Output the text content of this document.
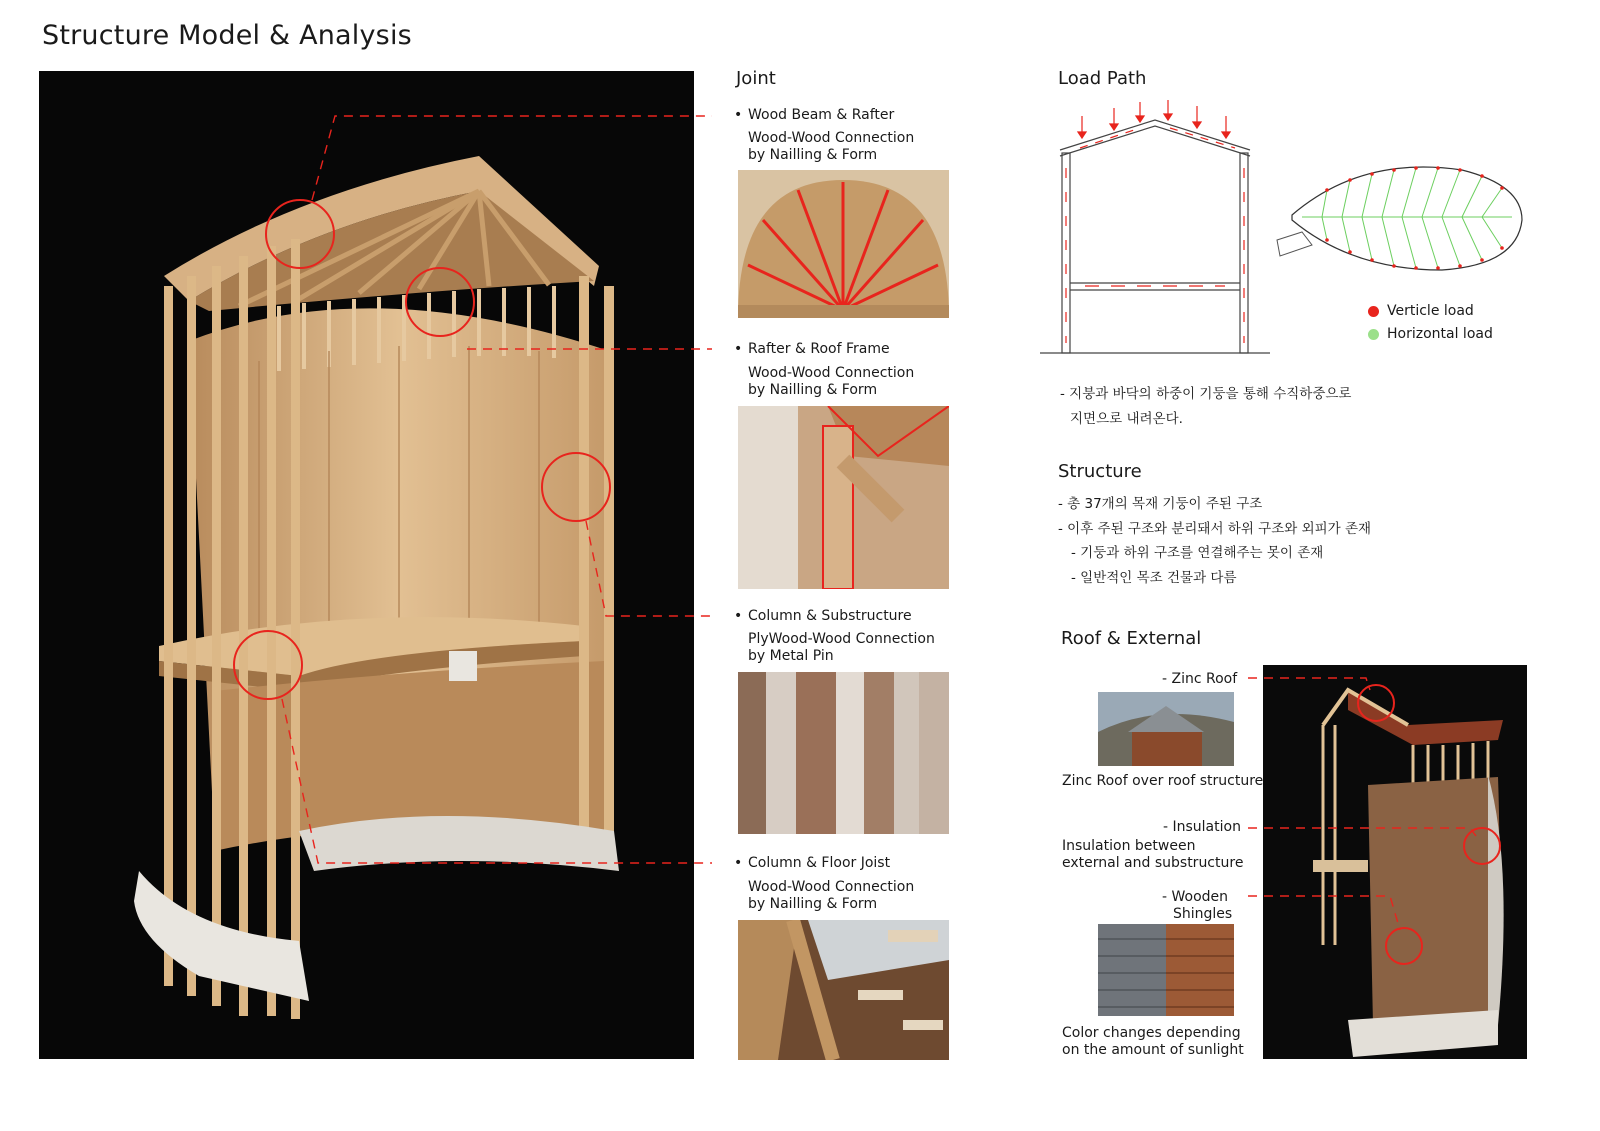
Structure Model & Analysis
Joint
• Wood Beam & Rafter
Wood-Wood Connection
by Nailling & Form
• Rafter & Roof Frame
Wood-Wood Connection
by Nailling & Form
• Column & Substructure
PlyWood-Wood Connection
by Metal Pin
• Column & Floor Joist
Wood-Wood Connection
by Nailling & Form
Load Path
Verticle load
Horizontal load
- 지붕과 바닥의 하중이 기둥을 통해 수직하중으로
지면으로 내려온다.
Structure
- 총 37개의 목재 기둥이 주된 구조
- 이후 주된 구조와 분리돼서 하위 구조와 외피가 존재
- 기둥과 하위 구조를 연결해주는 못이 존재
- 일반적인 목조 건물과 다름
Roof & External
- Zinc Roof
Zinc Roof over roof structure
- Insulation
Insulation between
external and substructure
- Wooden
Shingles
Color changes depending
on the amount of sunlight
